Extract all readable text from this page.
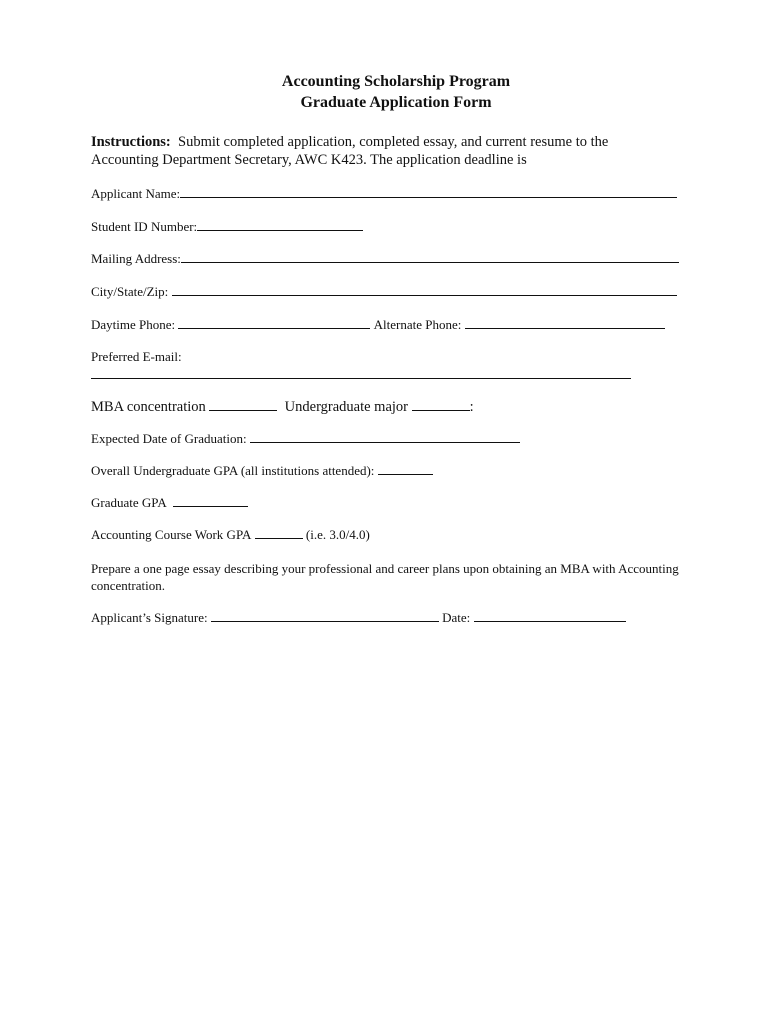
Accounting Scholarship Program
Graduate Application Form
Instructions: Submit completed application, completed essay, and current resume to the Accounting Department Secretary, AWC K423. The application deadline is
Applicant Name:
Student ID Number:
Mailing Address:
City/State/Zip:
Daytime Phone:	Alternate Phone:
Preferred E-mail:
MBA concentration	Undergraduate major	:
Expected Date of Graduation:
Overall Undergraduate GPA (all institutions attended):
Graduate GPA
Accounting Course Work GPA	(i.e. 3.0/4.0)
Prepare a one page essay describing your professional and career plans upon obtaining an MBA with Accounting concentration.
Applicant’s Signature:	Date:
